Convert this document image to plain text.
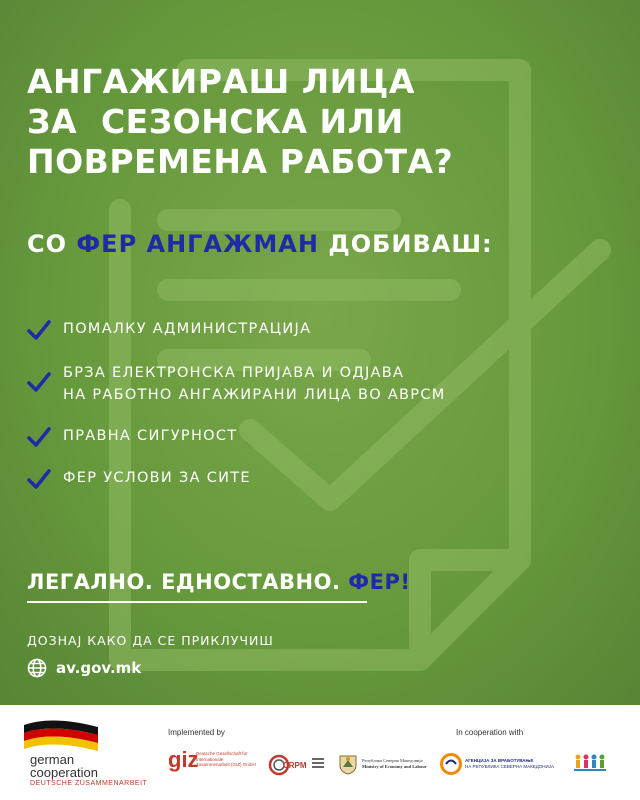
АНГАЖИРАШ ЛИЦА
ЗА  СЕЗОНСКА ИЛИ
ПОВРЕМЕНА РАБОТА?
СО ФЕР АНГАЖМАН ДОБИВАШ:
ПОМАЛКУ АДМИНИСТРАЦИЈА
БРЗА ЕЛЕКТРОНСКА ПРИЈАВА И ОДЈАВА
НА РАБОТНО АНГАЖИРАНИ ЛИЦА ВО АВРСМ
ПРАВНА СИГУРНОСТ
ФЕР УСЛОВИ ЗА СИТЕ
ЛЕГАЛНО. ЕДНОСТАВНО. ФЕР!
ДОЗНАЈ КАКО ДА СЕ ПРИКЛУЧИШ
av.gov.mk
german
cooperation
DEUTSCHE ZUSAMMENARBEIT
Implemented by
giz
Deutsche Gesellschaft für Internationale Zusammenarbeit (GIZ) GmbH	CRPM
Република Северна Македонија
Ministry of Economy and Labour
In cooperation with
АГЕНЦИЈА ЗА ВРАБОТУВАЊЕ
НА РЕПУБЛИКА СЕВЕРНА МАКЕДОНИЈА
